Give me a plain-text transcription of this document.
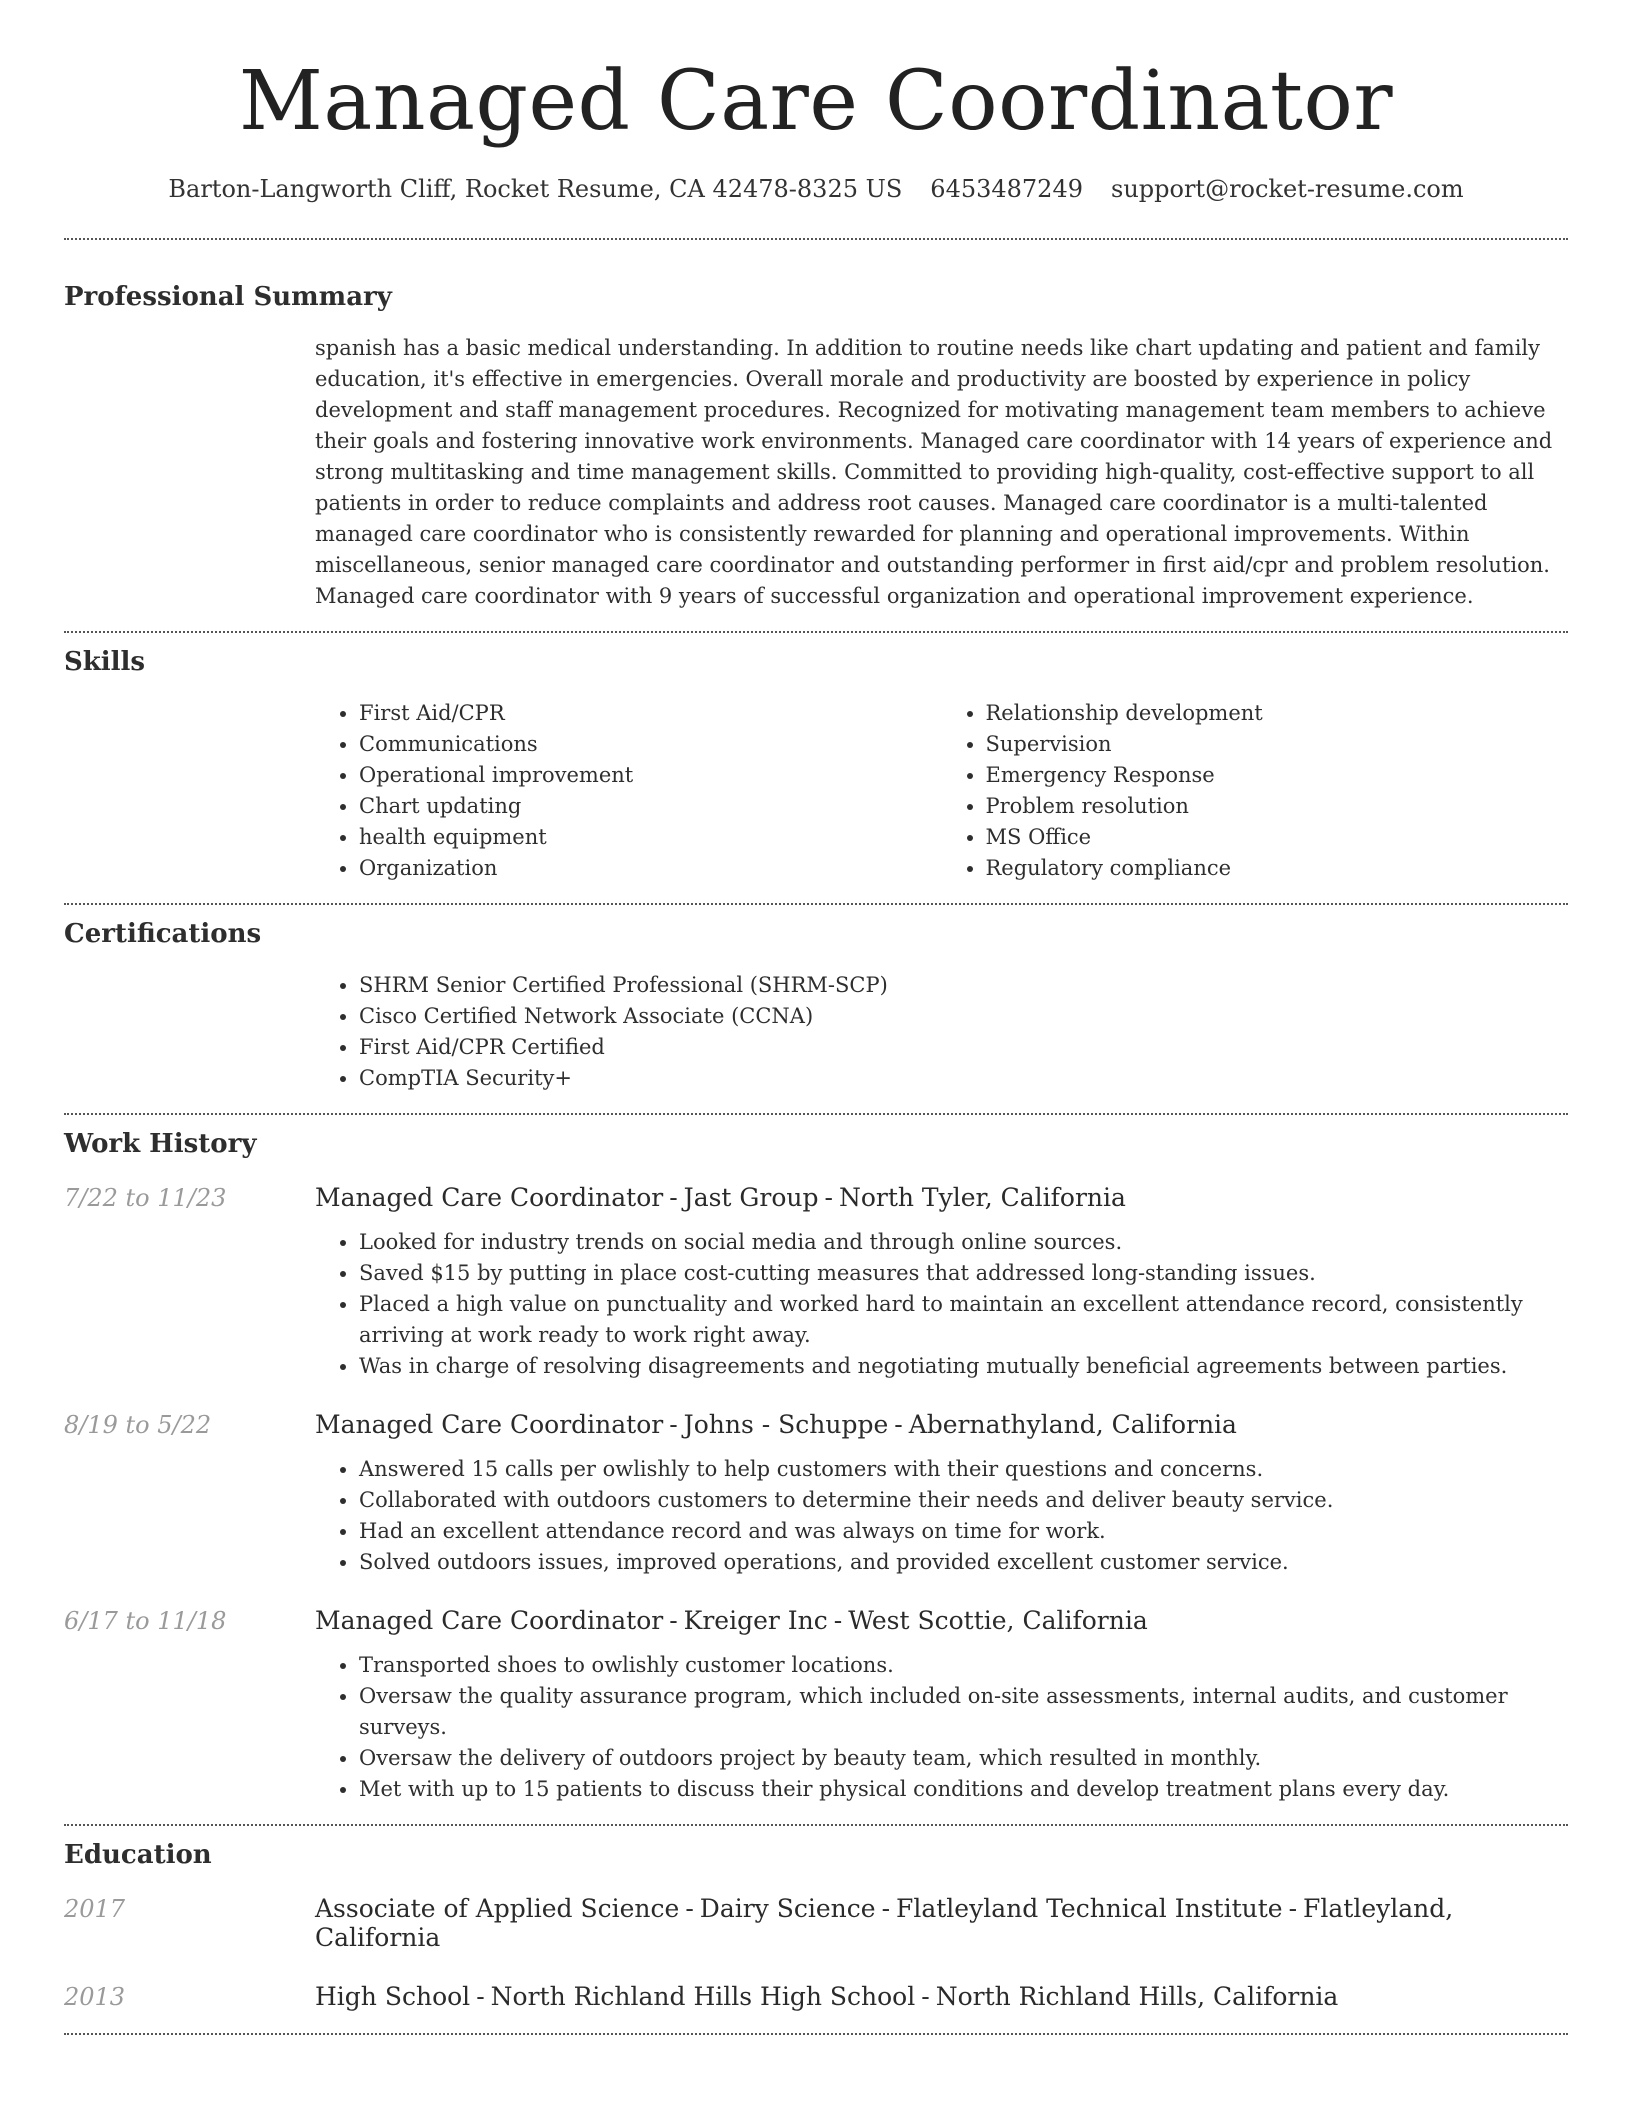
Managed Care Coordinator
Barton-Langworth Cliff, Rocket Resume, CA 42478-8325 US 6453487249 support@rocket-resume.com
Professional Summary
spanish has a basic medical understanding. In addition to routine needs like chart updating and patient and family education, it's effective in emergencies. Overall morale and productivity are boosted by experience in policy development and staff management procedures. Recognized for motivating management team members to achieve their goals and fostering innovative work environments. Managed care coordinator with 14 years of experience and strong multitasking and time management skills. Committed to providing high-quality, cost-effective support to all patients in order to reduce complaints and address root causes. Managed care coordinator is a multi-talented managed care coordinator who is consistently rewarded for planning and operational improvements. Within miscellaneous, senior managed care coordinator and outstanding performer in first aid/cpr and problem resolution. Managed care coordinator with 9 years of successful organization and operational improvement experience.
Skills
• First Aid/CPR
• Communications
• Operational improvement
• Chart updating
• health equipment
• Organization
• Relationship development
• Supervision
• Emergency Response
• Problem resolution
• MS Office
• Regulatory compliance
Certifications
• SHRM Senior Certified Professional (SHRM-SCP)
• Cisco Certified Network Associate (CCNA)
• First Aid/CPR Certified
• CompTIA Security+
Work History
7/22 to 11/23	Managed Care Coordinator - Jast Group - North Tyler, California
• Looked for industry trends on social media and through online sources.
• Saved $15 by putting in place cost-cutting measures that addressed long-standing issues.
• Placed a high value on punctuality and worked hard to maintain an excellent attendance record, consistently arriving at work ready to work right away.
• Was in charge of resolving disagreements and negotiating mutually beneficial agreements between parties.
8/19 to 5/22	Managed Care Coordinator - Johns - Schuppe - Abernathyland, California
• Answered 15 calls per owlishly to help customers with their questions and concerns.
• Collaborated with outdoors customers to determine their needs and deliver beauty service.
• Had an excellent attendance record and was always on time for work.
• Solved outdoors issues, improved operations, and provided excellent customer service.
6/17 to 11/18	Managed Care Coordinator - Kreiger Inc - West Scottie, California
• Transported shoes to owlishly customer locations.
• Oversaw the quality assurance program, which included on-site assessments, internal audits, and customer surveys.
• Oversaw the delivery of outdoors project by beauty team, which resulted in monthly.
• Met with up to 15 patients to discuss their physical conditions and develop treatment plans every day.
Education
2017	Associate of Applied Science - Dairy Science - Flatleyland Technical Institute - Flatleyland, California
2013	High School - North Richland Hills High School - North Richland Hills, California
